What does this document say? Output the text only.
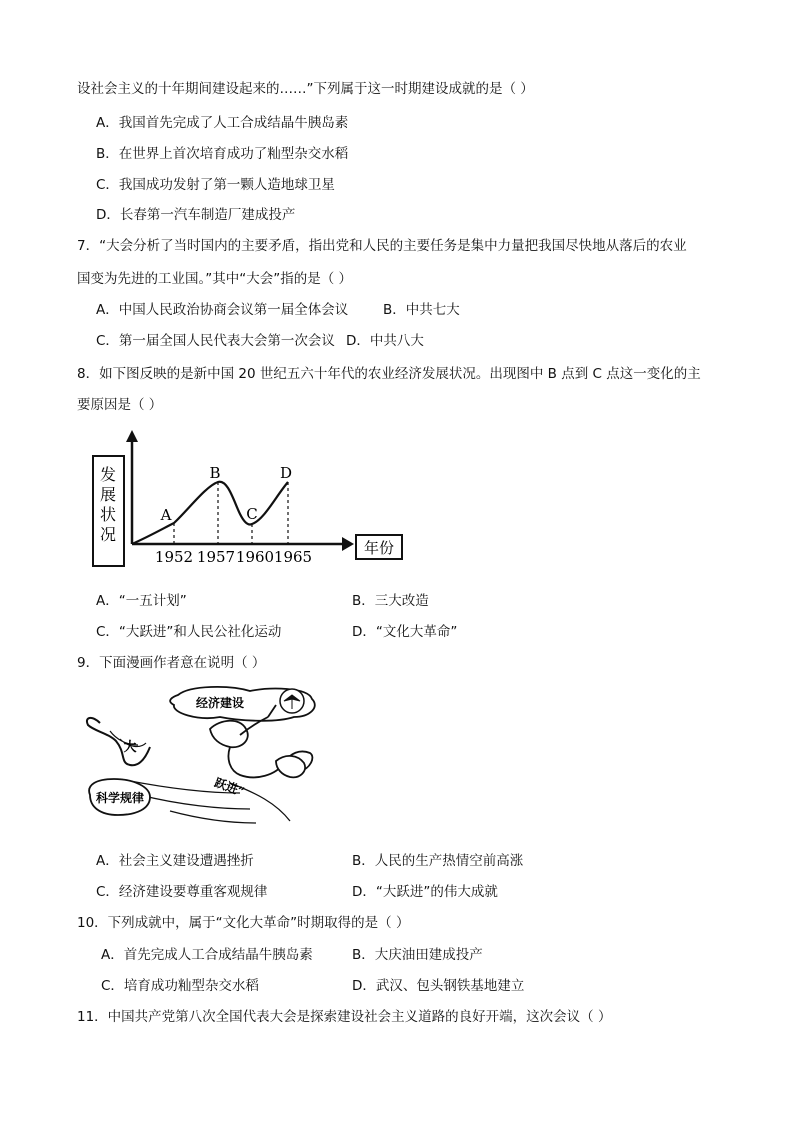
设社会主义的十年期间建设起来的……”下列属于这一时期建设成就的是（ ）
A．我国首先完成了人工合成结晶牛胰岛素
B．在世界上首次培育成功了籼型杂交水稻
C．我国成功发射了第一颗人造地球卫星
D．长春第一汽车制造厂建成投产
7．“大会分析了当时国内的主要矛盾，指出党和人民的主要任务是集中力量把我国尽快地从落后的农业
国变为先进的工业国。”其中“大会”指的是（ ）
A．中国人民政治协商会议第一届全体会议	B．中共七大
C．第一届全国人民代表大会第一次会议 D．中共八大
8．如下图反映的是新中国 20 世纪五六十年代的农业经济发展状况。出现图中 B 点到 C 点这一变化的主
要原因是（ ）
发
展
状
况
年份
A
B
C
D
1952 1957 1960 1965
A．“一五计划”	B．三大改造
C．“大跃进”和人民公社化运动	D．“文化大革命”
9．下面漫画作者意在说明（ ）
经济建设
大
跃进”
科学规律
A．社会主义建设遭遇挫折	B．人民的生产热情空前高涨
C．经济建设要尊重客观规律	D．“大跃进”的伟大成就
10．下列成就中，属于“文化大革命”时期取得的是（ ）
A．首先完成人工合成结晶牛胰岛素	B．大庆油田建成投产
C．培育成功籼型杂交水稻	D．武汉、包头钢铁基地建立
11．中国共产党第八次全国代表大会是探索建设社会主义道路的良好开端，这次会议（ ）
